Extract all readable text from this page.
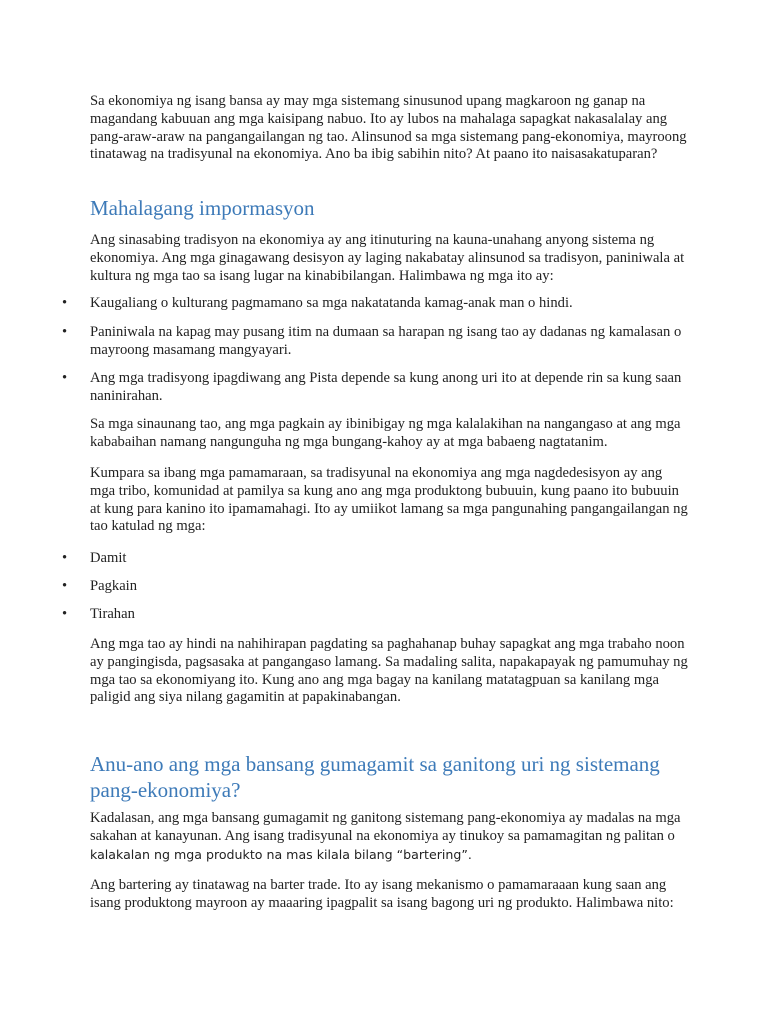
Sa ekonomiya ng isang bansa ay may mga sistemang sinusunod upang magkaroon ng ganap na magandang kabuuan ang mga kaisipang nabuo. Ito ay lubos na mahalaga sapagkat nakasalalay ang pang-araw-araw na pangangailangan ng tao. Alinsunod sa mga sistemang pang-ekonomiya, mayroong tinatawag na tradisyunal na ekonomiya. Ano ba ibig sabihin nito? At paano ito naisasakatuparan?

Mahalagang impormasyon

Ang sinasabing tradisyon na ekonomiya ay ang itinuturing na kauna-unahang anyong sistema ng ekonomiya. Ang mga ginagawang desisyon ay laging nakabatay alinsunod sa tradisyon, paniniwala at kultura ng mga tao sa isang lugar na kinabibilangan. Halimbawa ng mga ito ay:

•	Kaugaliang o kulturang pagmamano sa mga nakatatanda kamag-anak man o hindi.
•	Paniniwala na kapag may pusang itim na dumaan sa harapan ng isang tao ay dadanas ng kamalasan o mayroong masamang mangyayari.
•	Ang mga tradisyong ipagdiwang ang Pista depende sa kung anong uri ito at depende rin sa kung saan naninirahan.

Sa mga sinaunang tao, ang mga pagkain ay ibinibigay ng mga kalalakihan na nangangaso at ang mga kababaihan namang nangunguha ng mga bungang-kahoy ay at mga babaeng nagtatanim.

Kumpara sa ibang mga pamamaraan, sa tradisyunal na ekonomiya ang mga nagdedesisyon ay ang mga tribo, komunidad at pamilya sa kung ano ang mga produktong bubuuin, kung paano ito bubuuin at kung para kanino ito ipamamahagi. Ito ay umiikot lamang sa mga pangunahing pangangailangan ng tao katulad ng mga:

•	Damit
•	Pagkain
•	Tirahan

Ang mga tao ay hindi na nahihirapan pagdating sa paghahanap buhay sapagkat ang mga trabaho noon ay pangingisda, pagsasaka at pangangaso lamang. Sa madaling salita, napakapayak ng pamumuhay ng mga tao sa ekonomiyang ito. Kung ano ang mga bagay na kanilang matatagpuan sa kanilang mga paligid ang siya nilang gagamitin at papakinabangan.

Anu-ano ang mga bansang gumagamit sa ganitong uri ng sistemang pang-ekonomiya?

Kadalasan, ang mga bansang gumagamit ng ganitong sistemang pang-ekonomiya ay madalas na mga sakahan at kanayunan. Ang isang tradisyunal na ekonomiya ay tinukoy sa pamamagitan ng palitan o kalakalan ng mga produkto na mas kilala bilang “bartering”.

Ang bartering ay tinatawag na barter trade. Ito ay isang mekanismo o pamamaraaan kung saan ang isang produktong mayroon ay maaaring ipagpalit sa isang bagong uri ng produkto. Halimbawa nito:
